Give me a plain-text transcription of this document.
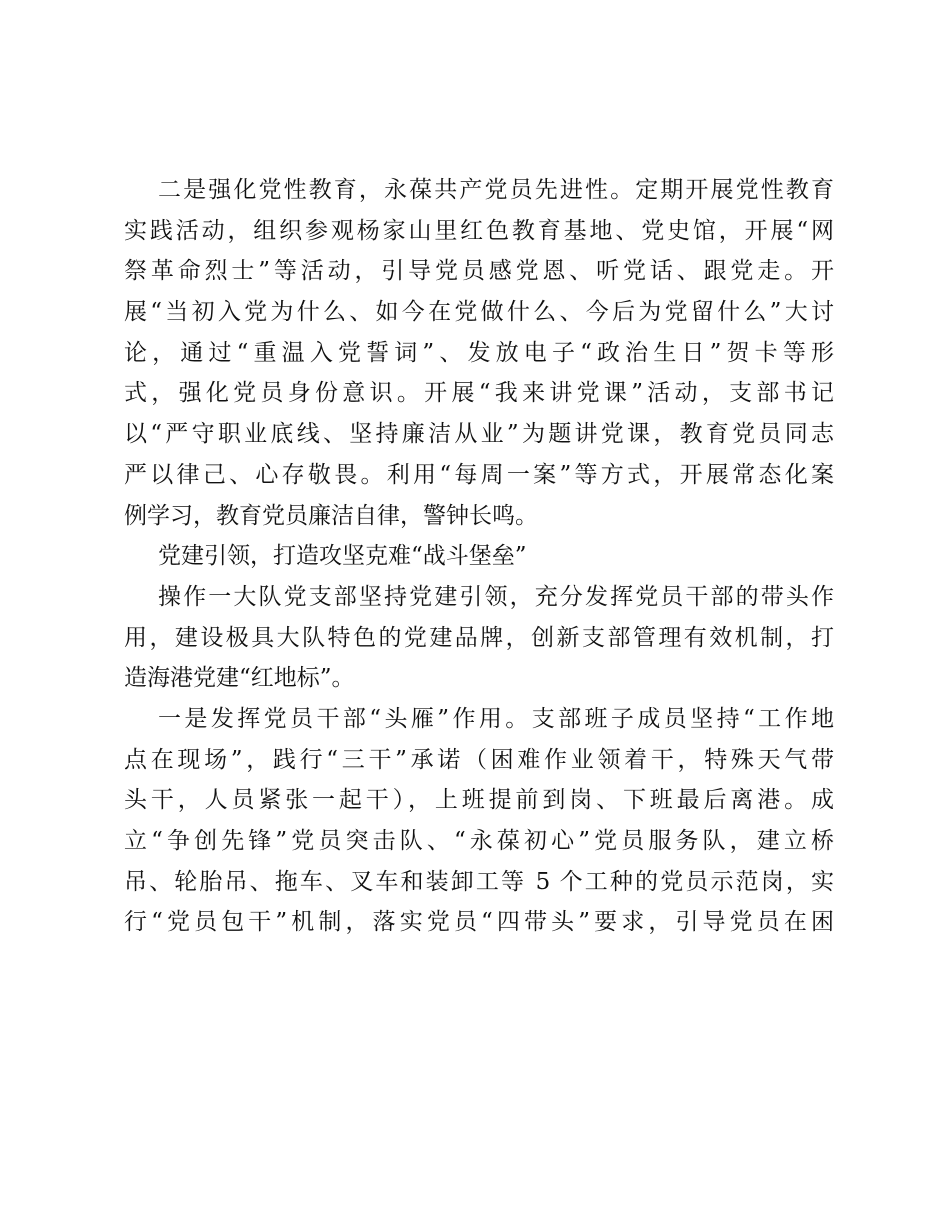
二是强化党性教育，永葆共产党员先进性。定期开展党性教育
实践活动，组织参观杨家山里红色教育基地、党史馆，开展“网
祭革命烈士”等活动，引导党员感党恩、听党话、跟党走。开
展“当初入党为什么、如今在党做什么、今后为党留什么”大讨
论，通过“重温入党誓词”、发放电子“政治生日”贺卡等形
式，强化党员身份意识。开展“我来讲党课”活动，支部书记
以“严守职业底线、坚持廉洁从业”为题讲党课，教育党员同志
严以律己、心存敬畏。利用“每周一案”等方式，开展常态化案
例学习，教育党员廉洁自律，警钟长鸣。
党建引领，打造攻坚克难“战斗堡垒”
操作一大队党支部坚持党建引领，充分发挥党员干部的带头作
用，建设极具大队特色的党建品牌，创新支部管理有效机制，打
造海港党建“红地标”。
一是发挥党员干部“头雁”作用。支部班子成员坚持“工作地
点在现场”，践行“三干”承诺（困难作业领着干，特殊天气带
头干，人员紧张一起干），上班提前到岗、下班最后离港。成
立“争创先锋”党员突击队、“永葆初心”党员服务队，建立桥
吊、轮胎吊、拖车、叉车和装卸工等 5 个工种的党员示范岗，实
行“党员包干”机制，落实党员“四带头”要求，引导党员在困
